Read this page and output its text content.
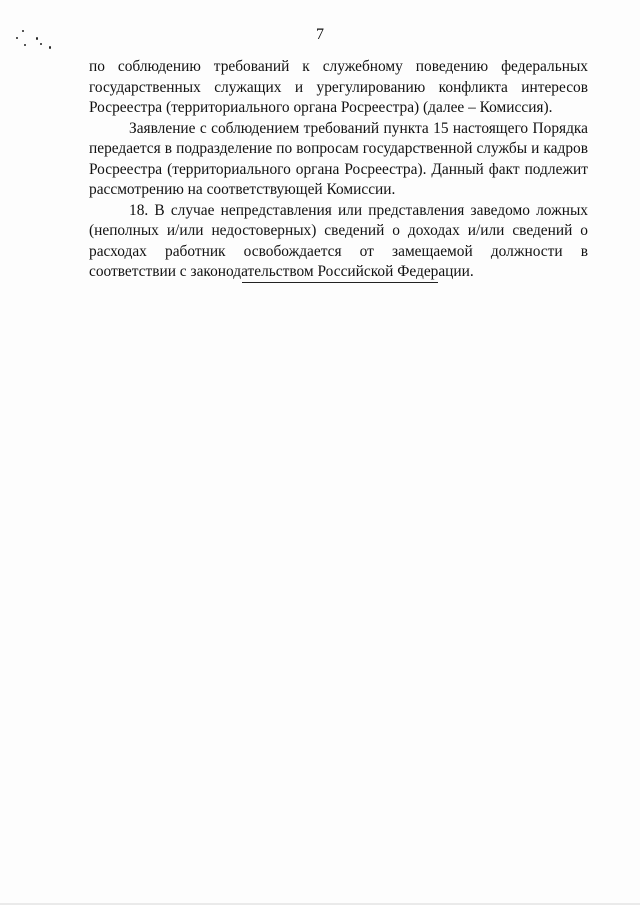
7

по соблюдению требований к служебному поведению федеральных государственных служащих и урегулированию конфликта интересов Росреестра (территориального органа Росреестра) (далее – Комиссия).

Заявление с соблюдением требований пункта 15 настоящего Порядка передается в подразделение по вопросам государственной службы и кадров Росреестра (территориального органа Росреестра). Данный факт подлежит рассмотрению на соответствующей Комиссии.

18. В случае непредставления или представления заведомо ложных (неполных и/или недостоверных) сведений о доходах и/или сведений о расходах работник освобождается от замещаемой должности в соответствии с законодательством Российской Федерации.
